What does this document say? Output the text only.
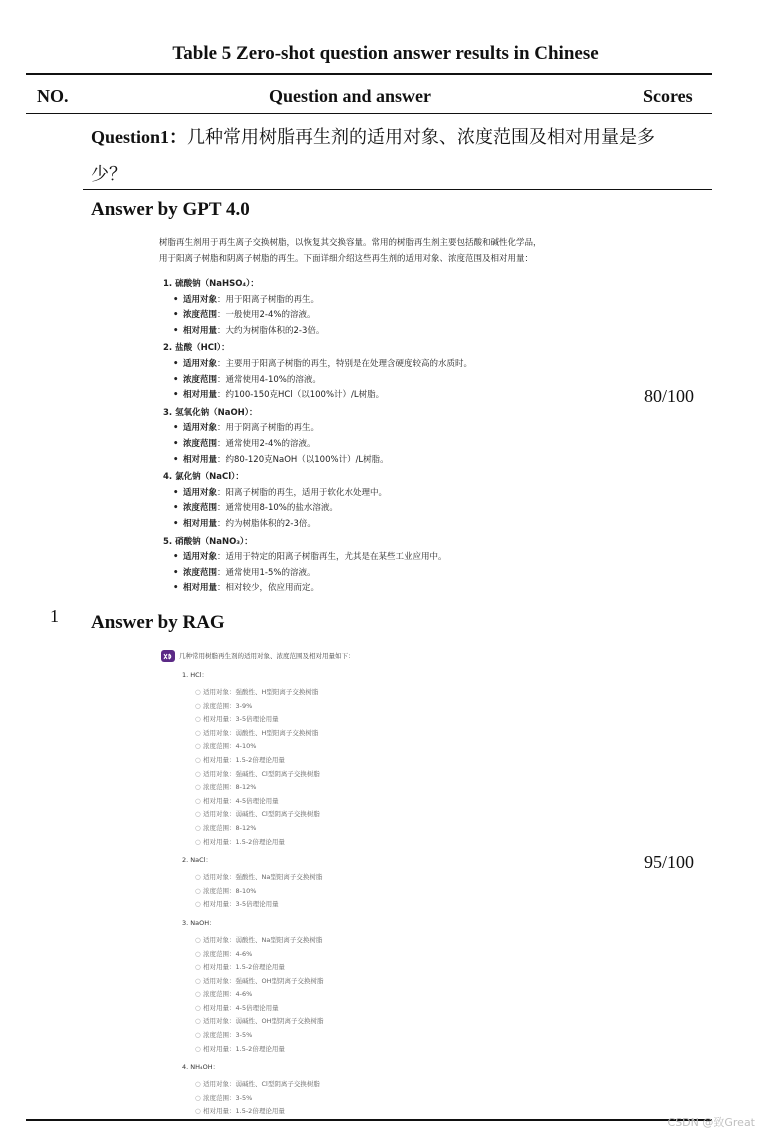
Table 5 Zero-shot question answer results in Chinese
NO.	Question and answer	Scores
Question1：几种常用树脂再生剂的适用对象、浓度范围及相对用量是多
少？
Answer by GPT 4.0
树脂再生剂用于再生离子交换树脂，以恢复其交换容量。常用的树脂再生剂主要包括酸和碱性化学品，
用于阳离子树脂和阴离子树脂的再生。下面详细介绍这些再生剂的适用对象、浓度范围及相对用量：
1. 硫酸钠（NaHSO₄）：
• 适用对象：用于阳离子树脂的再生。
• 浓度范围：一般使用2-4%的溶液。
• 相对用量：大约为树脂体积的2-3倍。
2. 盐酸（HCl）：
• 适用对象：主要用于阳离子树脂的再生，特别是在处理含硬度较高的水质时。
• 浓度范围：通常使用4-10%的溶液。
• 相对用量：约100-150克HCl（以100%计）/L树脂。
3. 氢氧化钠（NaOH）：
• 适用对象：用于阴离子树脂的再生。
• 浓度范围：通常使用2-4%的溶液。
• 相对用量：约80-120克NaOH（以100%计）/L树脂。
4. 氯化钠（NaCl）：
• 适用对象：阳离子树脂的再生，适用于软化水处理中。
• 浓度范围：通常使用8-10%的盐水溶液。
• 相对用量：约为树脂体积的2-3倍。
5. 硝酸钠（NaNO₃）：
• 适用对象：适用于特定的阳离子树脂再生，尤其是在某些工业应用中。
• 浓度范围：通常使用1-5%的溶液。
• 相对用量：相对较少，依应用而定。
80/100
1 Answer by RAG
几种常用树脂再生剂的适用对象、浓度范围及相对用量如下：
1. HCl：
○ 适用对象：强酸性、H型阳离子交换树脂
○ 浓度范围：3-9%
○ 相对用量：3-5倍理论用量
○ 适用对象：弱酸性、H型阳离子交换树脂
○ 浓度范围：4-10%
○ 相对用量：1.5-2倍理论用量
○ 适用对象：强碱性、Cl型阴离子交换树脂
○ 浓度范围：8-12%
○ 相对用量：4-5倍理论用量
○ 适用对象：弱碱性、Cl型阴离子交换树脂
○ 浓度范围：8-12%
○ 相对用量：1.5-2倍理论用量
2. NaCl：
○ 适用对象：强酸性、Na型阳离子交换树脂
○ 浓度范围：8-10%
○ 相对用量：3-5倍理论用量
3. NaOH：
○ 适用对象：弱酸性、Na型阳离子交换树脂
○ 浓度范围：4-6%
○ 相对用量：1.5-2倍理论用量
○ 适用对象：强碱性、OH型阴离子交换树脂
○ 浓度范围：4-6%
○ 相对用量：4-5倍理论用量
○ 适用对象：弱碱性、OH型阴离子交换树脂
○ 浓度范围：3-5%
○ 相对用量：1.5-2倍理论用量
4. NH₄OH：
○ 适用对象：弱碱性、Cl型阴离子交换树脂
○ 浓度范围：3-5%
○ 相对用量：1.5-2倍理论用量
95/100
CSDN @致Great
